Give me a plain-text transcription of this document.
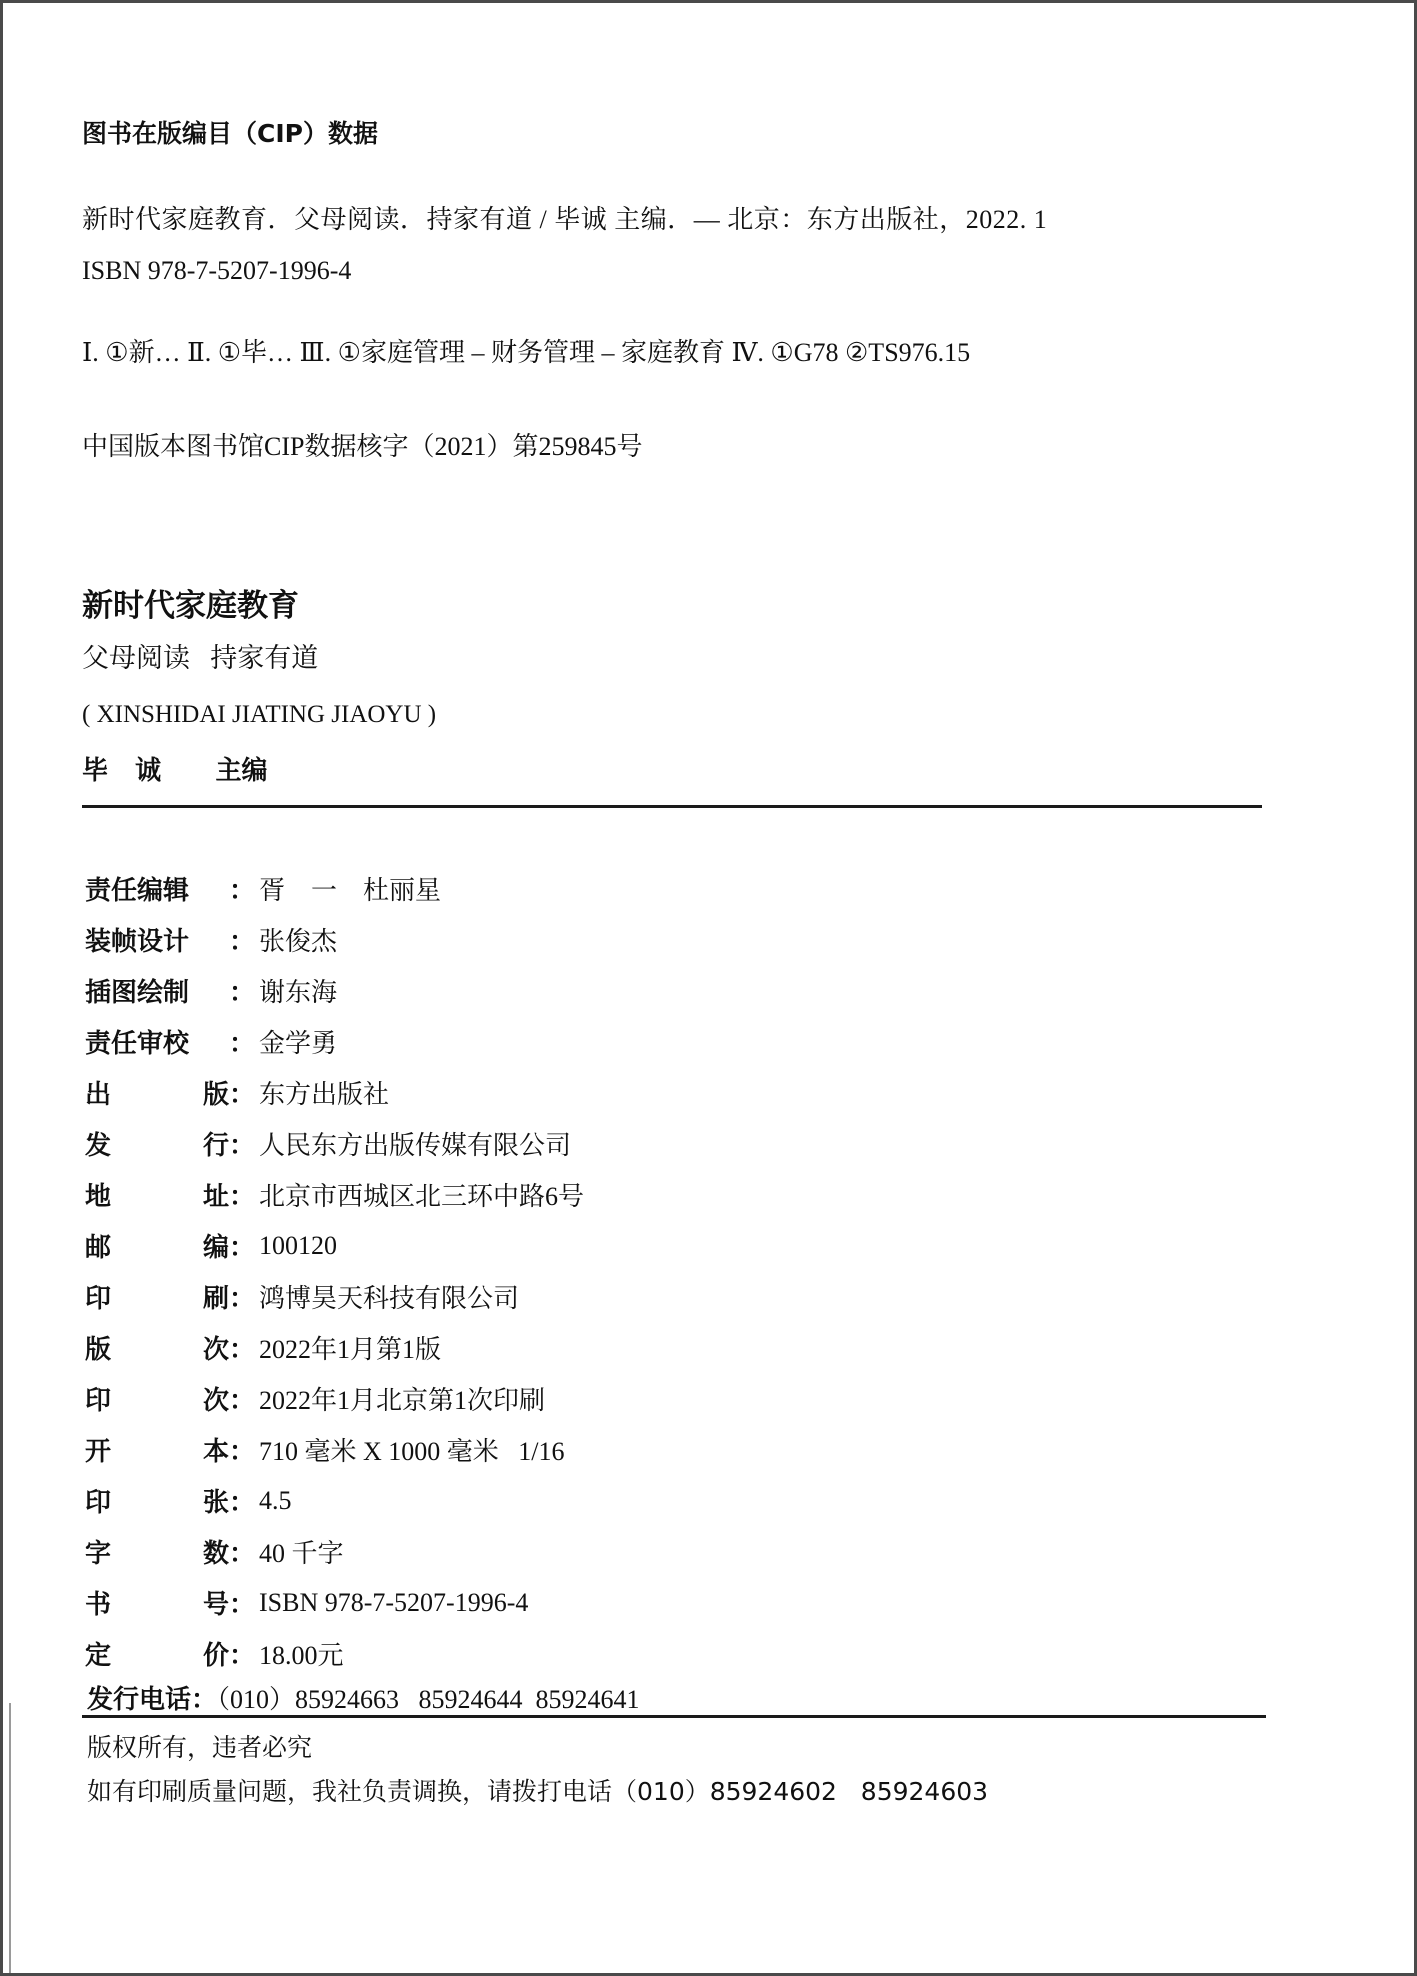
图书在版编目（CIP）数据
新时代家庭教育．父母阅读．持家有道 / 毕诚 主编．— 北京：东方出版社，2022. 1
ISBN 978-7-5207-1996-4
Ⅰ. ①新… Ⅱ. ①毕… Ⅲ. ①家庭管理 – 财务管理 – 家庭教育 Ⅳ. ①G78 ②TS976.15
中国版本图书馆CIP数据核字（2021）第259845号
新时代家庭教育
父母阅读   持家有道
( XINSHIDAI JIATING JIAOYU )
毕   诚      主编
责任编辑 ： 胥    一    杜丽星
装帧设计 ： 张俊杰
插图绘制 ： 谢东海
责任审校 ： 金学勇
出	版 ： 东方出版社
发	行 ： 人民东方出版传媒有限公司
地	址 ： 北京市西城区北三环中路6号
邮	编 ： 100120
印	刷 ： 鸿博昊天科技有限公司
版	次 ： 2022年1月第1版
印	次 ： 2022年1月北京第1次印刷
开	本 ： 710 毫米 X 1000 毫米   1/16
印	张 ： 4.5
字	数 ： 40 千字
书	号 ： ISBN 978-7-5207-1996-4
定	价 ： 18.00元
发行电话：（010）85924663   85924644  85924641
版权所有，违者必究
如有印刷质量问题，我社负责调换，请拨打电话（010）85924602   85924603
